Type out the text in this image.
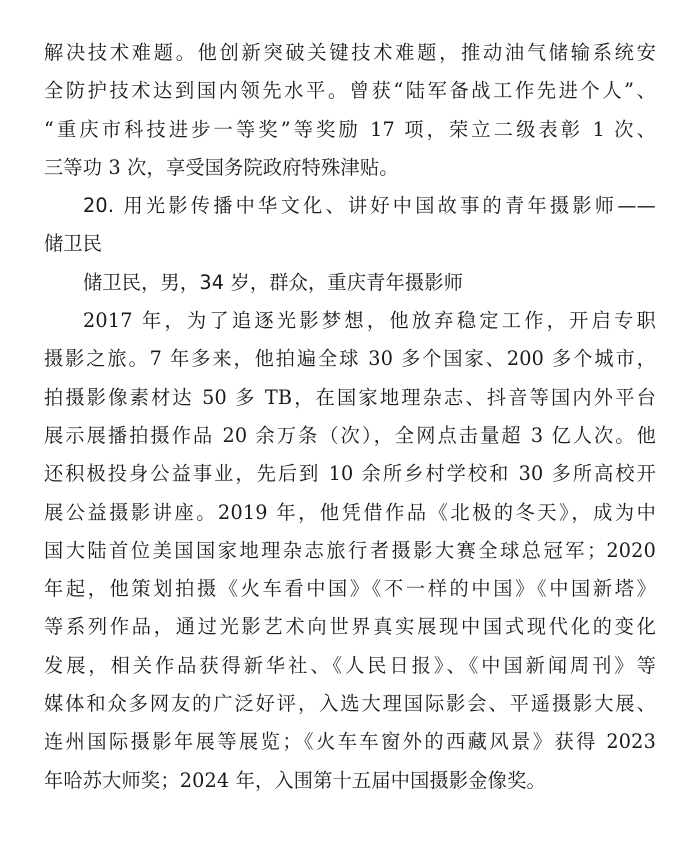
解决技术难题。他创新突破关键技术难题，推动油气储输系统安
全防护技术达到国内领先水平。曾获“陆军备战工作先进个人”、
“重庆市科技进步一等奖”等奖励 17 项，荣立二级表彰 1 次、
三等功 3 次，享受国务院政府特殊津贴。
20. 用光影传播中华文化、讲好中国故事的青年摄影师——
储卫民
储卫民，男，34 岁，群众，重庆青年摄影师
2017 年，为了追逐光影梦想，他放弃稳定工作，开启专职
摄影之旅。7 年多来，他拍遍全球 30 多个国家、200 多个城市，
拍摄影像素材达 50 多 TB，在国家地理杂志、抖音等国内外平台
展示展播拍摄作品 20 余万条（次），全网点击量超 3 亿人次。他
还积极投身公益事业，先后到 10 余所乡村学校和 30 多所高校开
展公益摄影讲座。2019 年，他凭借作品《北极的冬天》，成为中
国大陆首位美国国家地理杂志旅行者摄影大赛全球总冠军；2020
年起，他策划拍摄《火车看中国》《不一样的中国》《中国新塔》
等系列作品，通过光影艺术向世界真实展现中国式现代化的变化
发展，相关作品获得新华社、《人民日报》、《中国新闻周刊》等
媒体和众多网友的广泛好评，入选大理国际影会、平遥摄影大展、
连州国际摄影年展等展览；《火车车窗外的西藏风景》获得 2023
年哈苏大师奖；2024 年，入围第十五届中国摄影金像奖。
